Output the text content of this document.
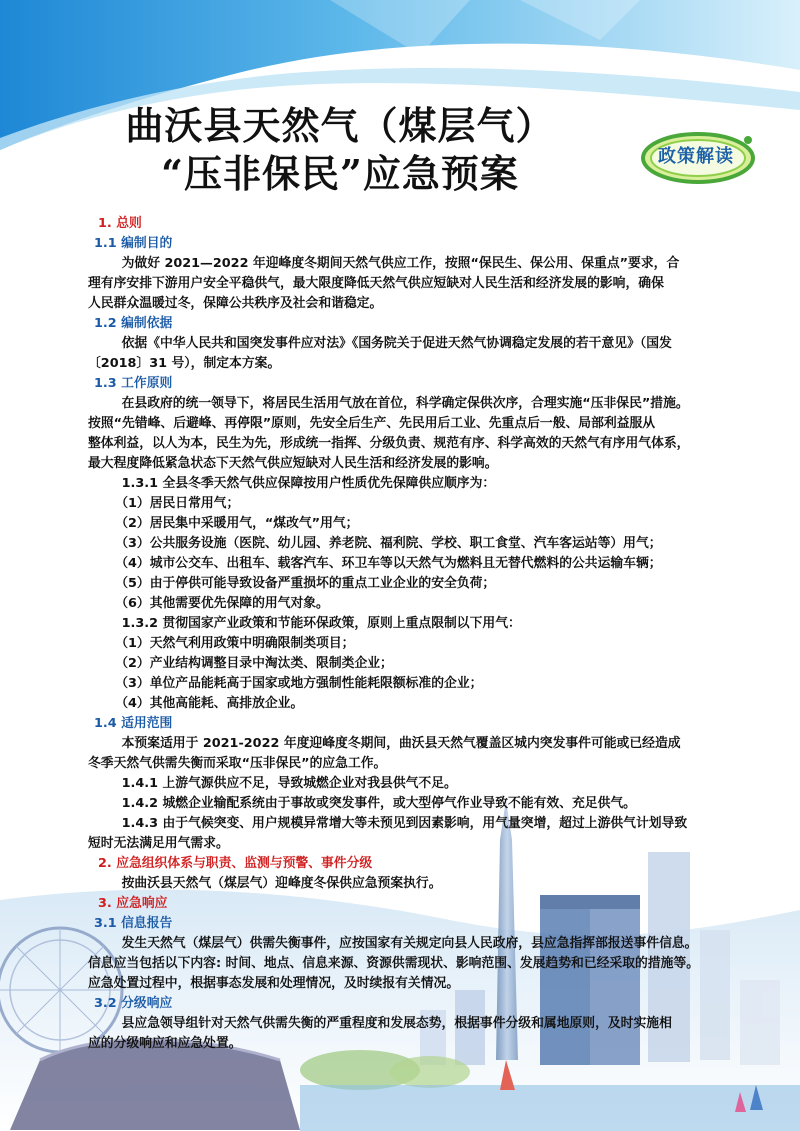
曲沃县天然气（煤层气）
“压非保民”应急预案	政策解读
1. 总则
1.1 编制目的
　　为做好 2021—2022 年迎峰度冬期间天然气供应工作，按照“保民生、保公用、保重点”要求，合
理有序安排下游用户安全平稳供气，最大限度降低天然气供应短缺对人民生活和经济发展的影响，确保
人民群众温暖过冬，保障公共秩序及社会和谐稳定。
1.2 编制依据
　　依据《中华人民共和国突发事件应对法》《国务院关于促进天然气协调稳定发展的若干意见》（国发
〔2018〕31 号），制定本方案。
1.3 工作原则
　　在县政府的统一领导下，将居民生活用气放在首位，科学确定保供次序，合理实施“压非保民”措施。
按照“先错峰、后避峰、再停限”原则，先安全后生产、先民用后工业、先重点后一般、局部利益服从
整体利益，以人为本，民生为先，形成统一指挥、分级负责、规范有序、科学高效的天然气有序用气体系，
最大程度降低紧急状态下天然气供应短缺对人民生活和经济发展的影响。
　　1.3.1 全县冬季天然气供应保障按用户性质优先保障供应顺序为：
　　（1）居民日常用气；
　　（2）居民集中采暖用气，“煤改气”用气；
　　（3）公共服务设施（医院、幼儿园、养老院、福利院、学校、职工食堂、汽车客运站等）用气；
　　（4）城市公交车、出租车、载客汽车、环卫车等以天然气为燃料且无替代燃料的公共运输车辆；
　　（5）由于停供可能导致设备严重损坏的重点工业企业的安全负荷；
　　（6）其他需要优先保障的用气对象。
　　1.3.2 贯彻国家产业政策和节能环保政策，原则上重点限制以下用气：
　　（1）天然气利用政策中明确限制类项目；
　　（2）产业结构调整目录中淘汰类、限制类企业；
　　（3）单位产品能耗高于国家或地方强制性能耗限额标准的企业；
　　（4）其他高能耗、高排放企业。
1.4 适用范围
　　本预案适用于 2021-2022 年度迎峰度冬期间，曲沃县天然气覆盖区城内突发事件可能或已经造成
冬季天然气供需失衡而采取“压非保民”的应急工作。
　　1.4.1 上游气源供应不足，导致城燃企业对我县供气不足。
　　1.4.2 城燃企业输配系统由于事故或突发事件，或大型停气作业导致不能有效、充足供气。
　　1.4.3 由于气候突变、用户规模异常增大等未预见到因素影响，用气量突增，超过上游供气计划导致
短时无法满足用气需求。
2. 应急组织体系与职责、监测与预警、事件分级
　　按曲沃县天然气（煤层气）迎峰度冬保供应急预案执行。
3. 应急响应
3.1 信息报告
　　发生天然气（煤层气）供需失衡事件，应按国家有关规定向县人民政府，县应急指挥部报送事件信息。
信息应当包括以下内容: 时间、地点、信息来源、资源供需现状、影响范围、发展趋势和已经采取的措施等。
应急处置过程中，根据事态发展和处理情况，及时续报有关情况。
3.2 分级响应
　　县应急领导组针对天然气供需失衡的严重程度和发展态势，根据事件分级和属地原则，及时实施相
应的分级响应和应急处置。
